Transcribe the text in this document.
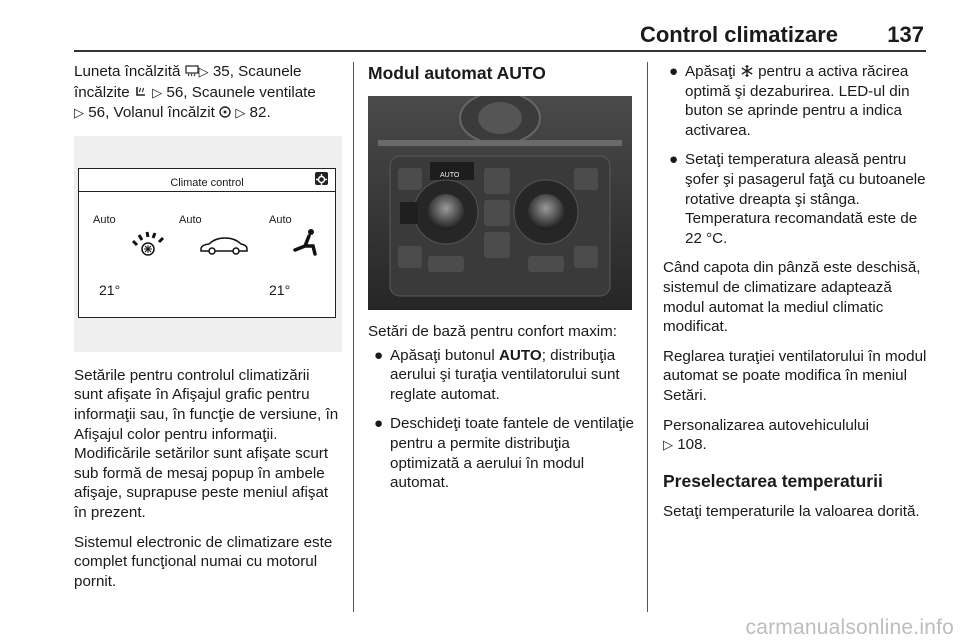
Control climatizare 137

Luneta încălzită ▷ 35, Scaunele încălzite  ▷ 56, Scaunele ventilate
▷ 56, Volanul încălzit  ▷ 82.

Climate control
Auto	Auto	Auto
21°	21°

Setările pentru controlul climatizării sunt afişate în Afişajul grafic pentru informaţii sau, în funcţie de versiune, în Afişajul color pentru informaţii. Modificările setărilor sunt afişate scurt sub formă de mesaj popup în ambele afişaje, suprapuse peste meniul afişat în prezent.

Sistemul electronic de climatizare este complet funcţional numai cu motorul pornit.

Modul automat AUTO
AUTO

Setări de bază pentru confort maxim:

● Apăsaţi butonul AUTO; distribuţia aerului şi turaţia ventilatorului sunt reglate automat.
● Deschideţi toate fantele de ventilaţie pentru a permite distribuţia optimizată a aerului în modul automat.
● Apăsaţi  pentru a activa răcirea optimă şi dezaburirea. LED-ul din buton se aprinde pentru a indica activarea.
● Setaţi temperatura aleasă pentru şofer şi pasagerul faţă cu butoanele rotative dreapta şi stânga. Temperatura recomandată este de 22 °C.

Când capota din pânză este deschisă, sistemul de climatizare adaptează modul automat la mediul climatic modificat.

Reglarea turaţiei ventilatorului în modul automat se poate modifica în meniul Setări.

Personalizarea autovehiculului
▷ 108.

Preselectarea temperaturii

Setaţi temperaturile la valoarea dorită.

carmanualsonline.info
